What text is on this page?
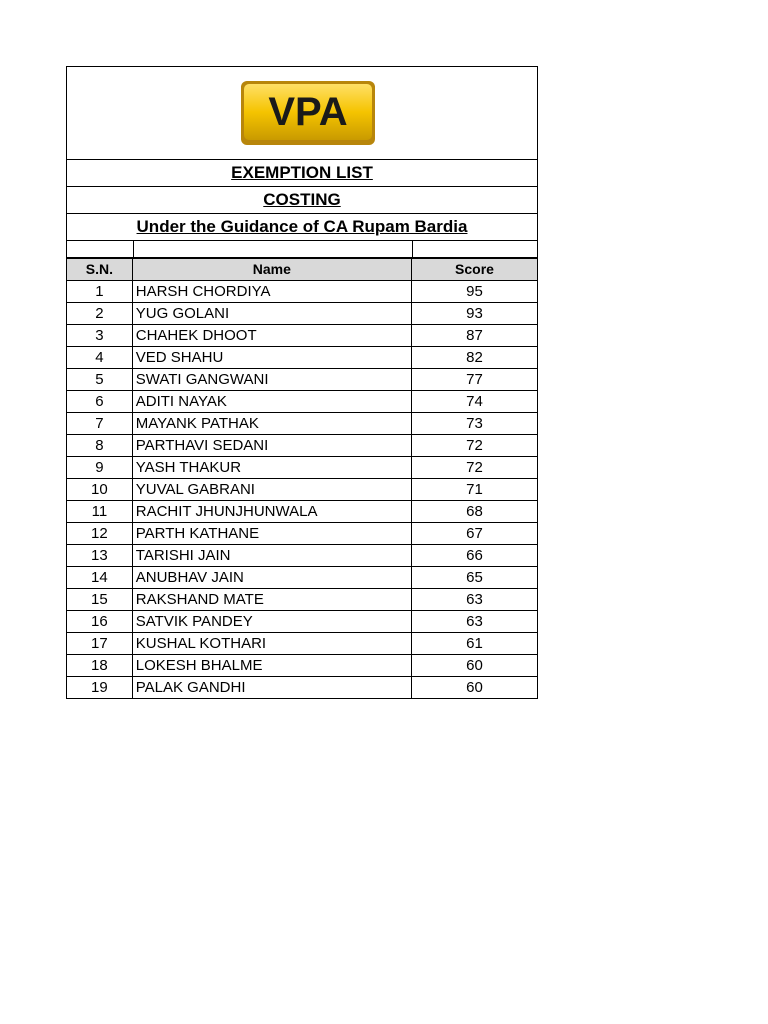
VPA
EXEMPTION LIST
COSTING
Under the Guidance of CA Rupam Bardia
S.N.	Name	Score
1	HARSH CHORDIYA	95
2	YUG GOLANI	93
3	CHAHEK DHOOT	87
4	VED SHAHU	82
5	SWATI GANGWANI	77
6	ADITI NAYAK	74
7	MAYANK PATHAK	73
8	PARTHAVI SEDANI	72
9	YASH THAKUR	72
10	YUVAL GABRANI	71
11	RACHIT JHUNJHUNWALA	68
12	PARTH KATHANE	67
13	TARISHI JAIN	66
14	ANUBHAV JAIN	65
15	RAKSHAND MATE	63
16	SATVIK PANDEY	63
17	KUSHAL KOTHARI	61
18	LOKESH BHALME	60
19	PALAK GANDHI	60
